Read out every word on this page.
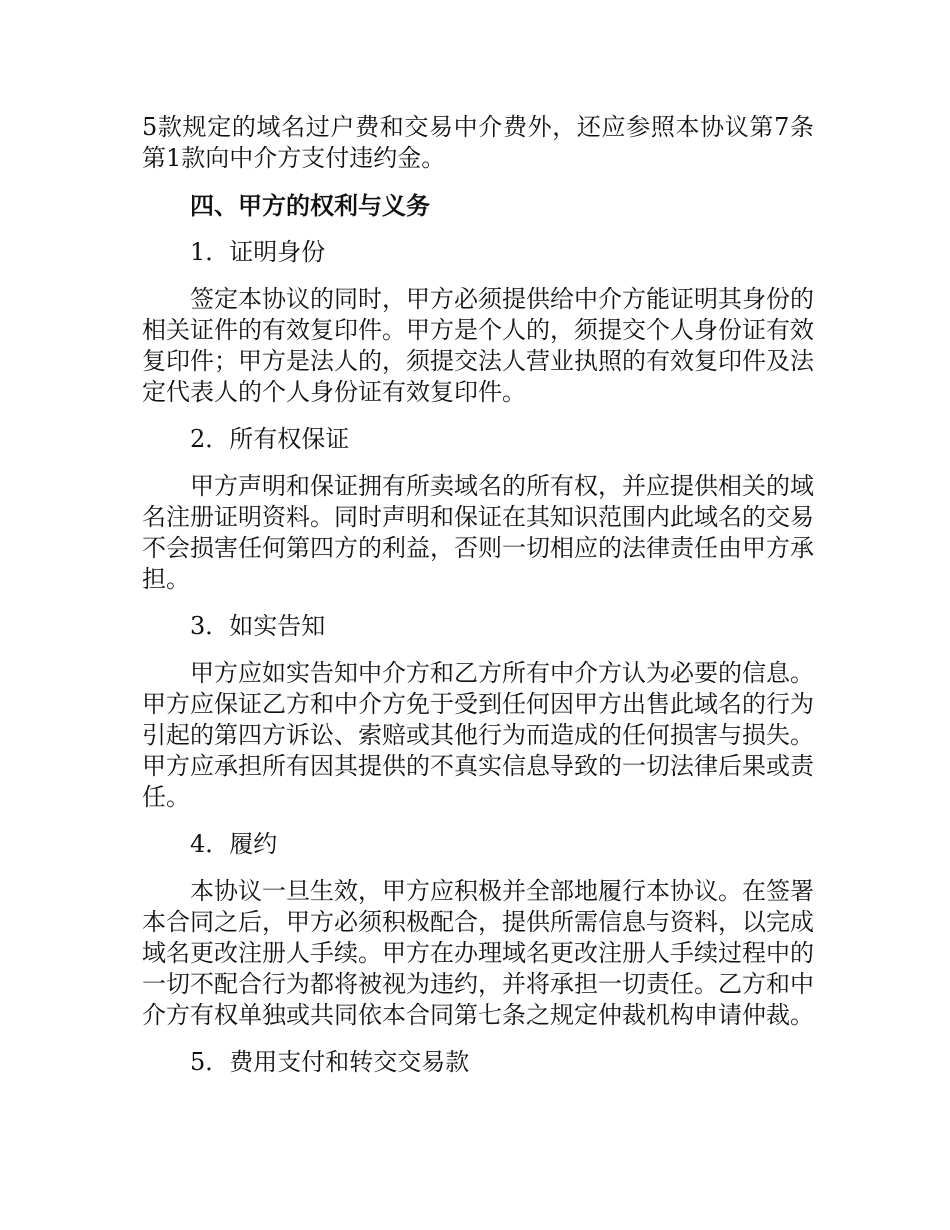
5款规定的域名过户费和交易中介费外，还应参照本协议第7条第1款向中介方支付违约金。

四、甲方的权利与义务

1．证明身份

签定本协议的同时，甲方必须提供给中介方能证明其身份的相关证件的有效复印件。甲方是个人的，须提交个人身份证有效复印件；甲方是法人的，须提交法人营业执照的有效复印件及法定代表人的个人身份证有效复印件。

2．所有权保证

甲方声明和保证拥有所卖域名的所有权，并应提供相关的域名注册证明资料。同时声明和保证在其知识范围内此域名的交易不会损害任何第四方的利益，否则一切相应的法律责任由甲方承担。

3．如实告知

甲方应如实告知中介方和乙方所有中介方认为必要的信息。甲方应保证乙方和中介方免于受到任何因甲方出售此域名的行为引起的第四方诉讼、索赔或其他行为而造成的任何损害与损失。甲方应承担所有因其提供的不真实信息导致的一切法律后果或责任。

4．履约

本协议一旦生效，甲方应积极并全部地履行本协议。在签署本合同之后，甲方必须积极配合，提供所需信息与资料，以完成域名更改注册人手续。甲方在办理域名更改注册人手续过程中的一切不配合行为都将被视为违约，并将承担一切责任。乙方和中介方有权单独或共同依本合同第七条之规定仲裁机构申请仲裁。

5．费用支付和转交交易款
